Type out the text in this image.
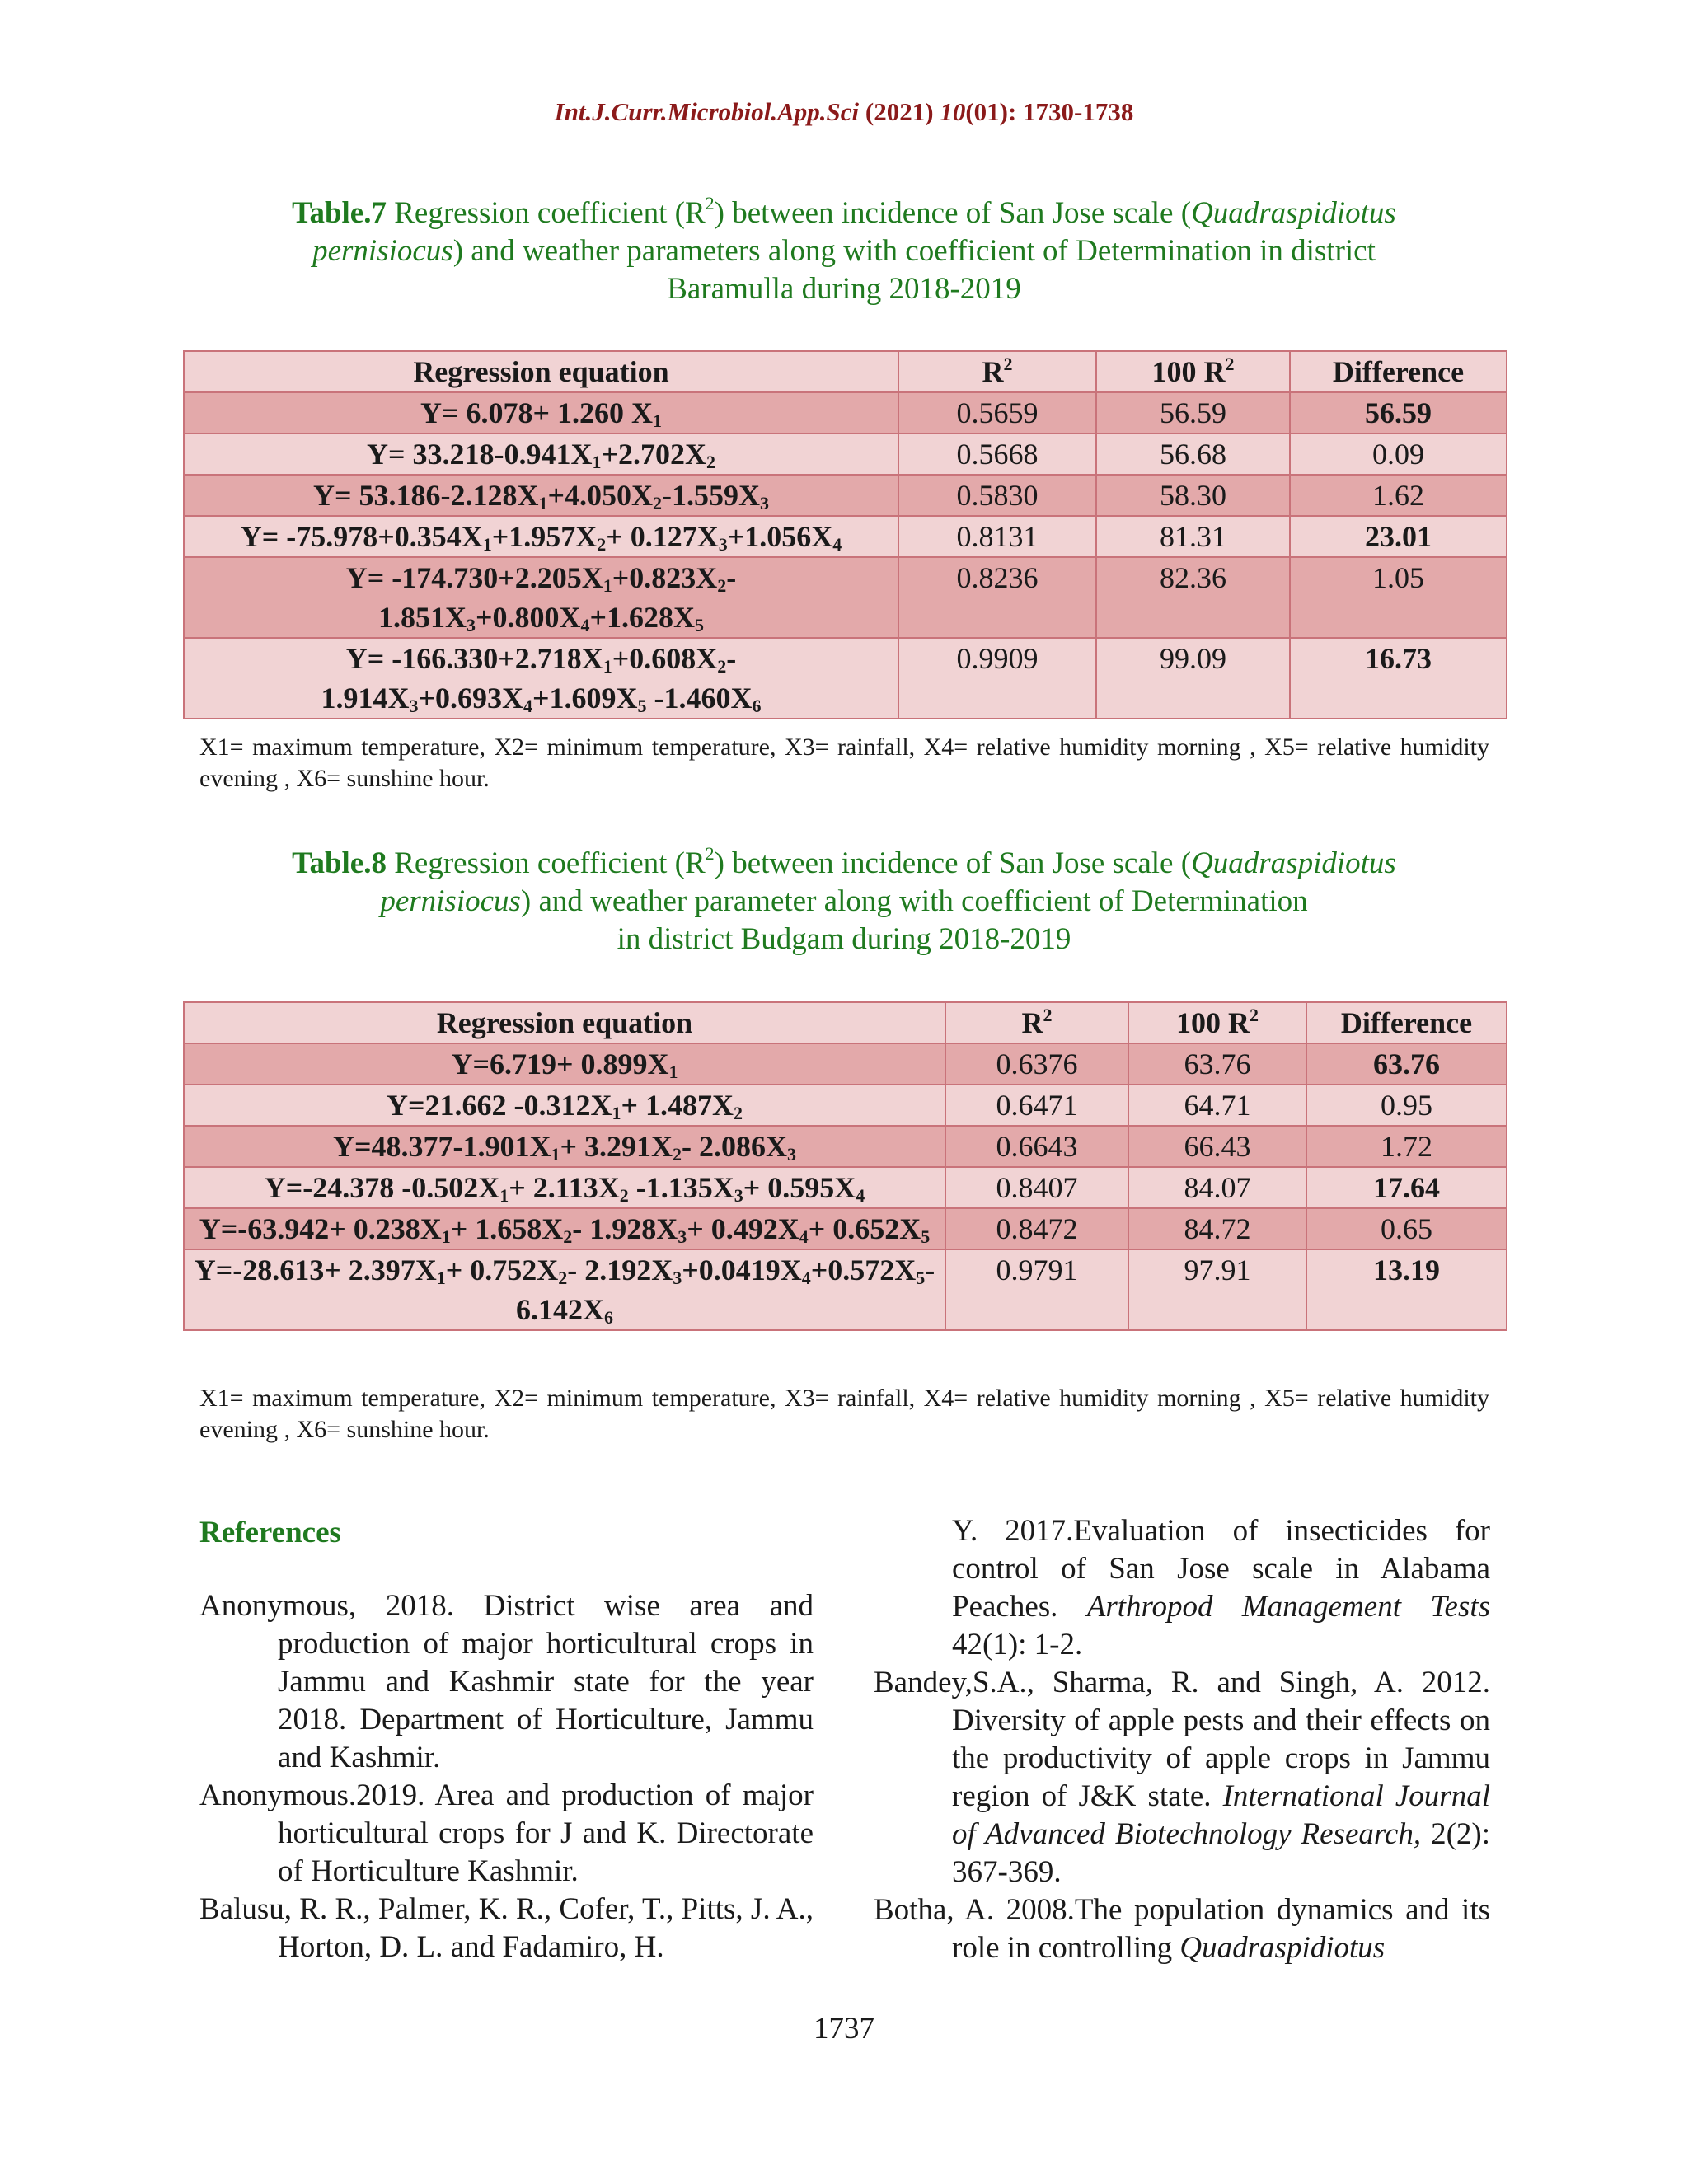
Int.J.Curr.Microbiol.App.Sci (2021) 10(01): 1730-1738
Table.7 Regression coefficient $(R^2)$ between incidence of San Jose scale (Quadraspidiotus
pernisiocus) and weather parameters along with coefficient of Determination in district
Baramulla during 2018-2019
Regression equation	$R^2$	100 $R^2$	Difference
Y= 6.078+ 1.260 $X_1$	0.5659	56.59	56.59
$Y= 33.218-0.941X_1+2.702X_2$	0.5668	56.68	0.09
$Y= 53.186-2.128X_1+4.050X_2-1.559X_3$	0.5830	58.30	1.62
$Y= -75.978+0.354X_1+1.957X_2+ 0.127X_3+1.056X_4$	0.8131	81.31	23.01
$Y= -174.730+2.205X_1+0.823X_2-$ $1.851X_3+0.800X_4+1.628X_5$	0.8236	82.36	1.05
$Y= -166.330+2.718X_1+0.608X_2-$ $1.914X_3+0.693X_4+1.609X_5$ $-1.460X_6$	0.9909	99.09	16.73
X1= maximum temperature, X2= minimum temperature, X3= rainfall, X4= relative humidity morning , X5= relative humidity evening , X6= sunshine hour.
Table.8 Regression coefficient $(R^2)$ between incidence of San Jose scale (Quadraspidiotus
pernisiocus) and weather parameter along with coefficient of Determination
in district Budgam during 2018-2019
Regression equation	$R^2$	100 $R^2$	Difference
$Y=6.719+ 0.899X_1$	0.6376	63.76	63.76
Y=21.662 $-0.312X_1+ 1.487X_2$	0.6471	64.71	0.95
$Y=48.377-1.901X_1+ 3.291X_2-$ $2.086X_3$	0.6643	66.43	1.72
Y=-24.378 $-0.502X_1+ 2.113X_2$ $-1.135X_3+ 0.595X_4$	0.8407	84.07	17.64
$Y=-63.942+ 0.238X_1+ 1.658X_2-$ $1.928X_3+ 0.492X_4+ 0.652X_5$	0.8472	84.72	0.65
$Y=-28.613+ 2.397X_1+ 0.752X_2-$ $2.192X_3+0.0419X_4+0.572X_5-6.142X_6$	0.9791	97.91	13.19
X1= maximum temperature, X2= minimum temperature, X3= rainfall, X4= relative humidity morning , X5= relative humidity evening , X6= sunshine hour.
References

Anonymous, 2018. District wise area and production of major horticultural crops in Jammu and Kashmir state for the year 2018. Department of Horticulture, Jammu and Kashmir.

Anonymous.2019. Area and production of major horticultural crops for J and K. Directorate of Horticulture Kashmir.

Balusu, R. R., Palmer, K. R., Cofer, T., Pitts, J. A., Horton, D. L. and Fadamiro, H.

Y. 2017.Evaluation of insecticides for control of San Jose scale in Alabama Peaches. Arthropod Management Tests 42(1): 1-2.

Bandey,S.A., Sharma, R. and Singh, A. 2012. Diversity of apple pests and their effects on the productivity of apple crops in Jammu region of J&K state. International Journal of Advanced Biotechnology Research, 2(2): 367-369.

Botha, A. 2008.The population dynamics and its role in controlling Quadraspidiotus

1737
